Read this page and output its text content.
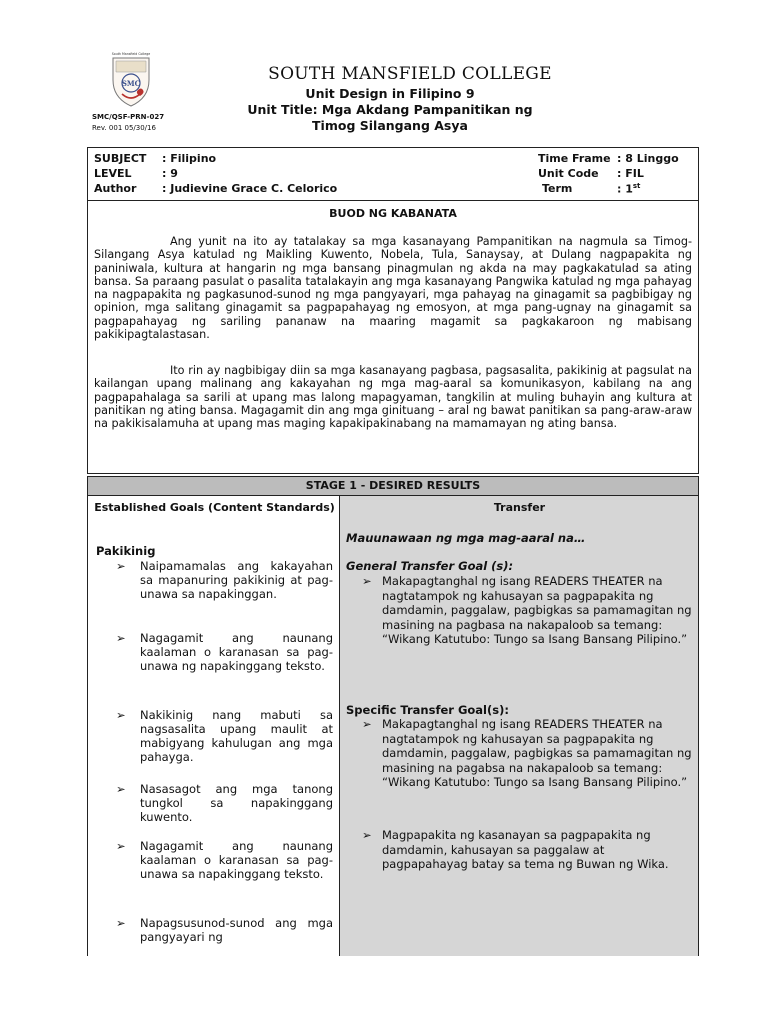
South Mansfield College
SMC
SMC/QSF-PRN-027
Rev. 001 05/30/16
SOUTH MANSFIELD COLLEGE
Unit Design in Filipino 9
Unit Title: Mga Akdang Pampanitikan ng
Timog Silangang Asya
SUBJECT : Filipino
LEVEL	: 9
Author : Judievine Grace C. Celorico
Time Frame : 8 Linggo
Unit Code : FIL
Term	: 1st
BUOD NG KABANATA
Ang yunit na ito ay tatalakay sa mga kasanayang Pampanitikan na nagmula sa Timog-Silangang Asya katulad ng Maikling Kuwento, Nobela, Tula, Sanaysay, at Dulang nagpapakita ng paniniwala, kultura at hangarin ng mga bansang pinagmulan ng akda na may pagkakatulad sa ating bansa. Sa paraang pasulat o pasalita tatalakayin ang mga kasanayang Pangwika katulad ng mga pahayag na nagpapakita ng pagkasunod-sunod ng mga pangyayari, mga pahayag na ginagamit sa pagbibigay ng opinion, mga salitang ginagamit sa pagpapahayag ng emosyon, at mga pang-ugnay na ginagamit sa pagpapahayag ng sariling pananaw na maaring magamit sa pagkakaroon ng mabisang pakikipagtalastasan.
Ito rin ay nagbibigay diin sa mga kasanayang pagbasa, pagsasalita, pakikinig at pagsulat na kailangan upang malinang ang kakayahan ng mga mag-aaral sa komunikasyon, kabilang na ang pagpapahalaga sa sarili at upang mas lalong mapagyaman, tangkilin at muling buhayin ang kultura at panitikan ng ating bansa. Magagamit din ang mga ginituang – aral ng bawat panitikan sa pang-araw-araw na pakikisalamuha at upang mas maging kapakipakinabang na mamamayan ng ating bansa.
STAGE 1 - DESIRED RESULTS
Established Goals (Content Standards)
Pakikinig
➢ Naipamamalas ang kakayahan sa mapanuring pakikinig at pag-unawa sa napakinggan.
➢ Nagagamit ang naunang kaalaman o karanasan sa pag-unawa ng napakinggang teksto.
➢ Nakikinig nang mabuti sa nagsasalita upang maulit at mabigyang kahulugan ang mga pahayga.
➢ Nasasagot ang mga tanong tungkol sa napakinggang kuwento.
➢ Nagagamit ang naunang kaalaman o karanasan sa pag-unawa sa napakinggang teksto.
➢ Napagsusunod-sunod ang mga pangyayari ng
Transfer
Mauunawaan ng mga mag-aaral na…
General Transfer Goal (s):
➢ Makapagtanghal ng isang READERS THEATER na nagtatampok ng kahusayan sa pagpapakita ng damdamin, paggalaw, pagbigkas sa pamamagitan ng masining na pagbasa na nakapaloob sa temang: “Wikang Katutubo: Tungo sa Isang Bansang Pilipino.”
Specific Transfer Goal(s):
➢ Makapagtanghal ng isang READERS THEATER na nagtatampok ng kahusayan sa pagpapakita ng damdamin, paggalaw, pagbigkas sa pamamagitan ng masining na pagabsa na nakapaloob sa temang: “Wikang Katutubo: Tungo sa Isang Bansang Pilipino.”
➢ Magpapakita ng kasanayan sa pagpapakita ng damdamin, kahusayan sa paggalaw at pagpapahayag batay sa tema ng Buwan ng Wika.
